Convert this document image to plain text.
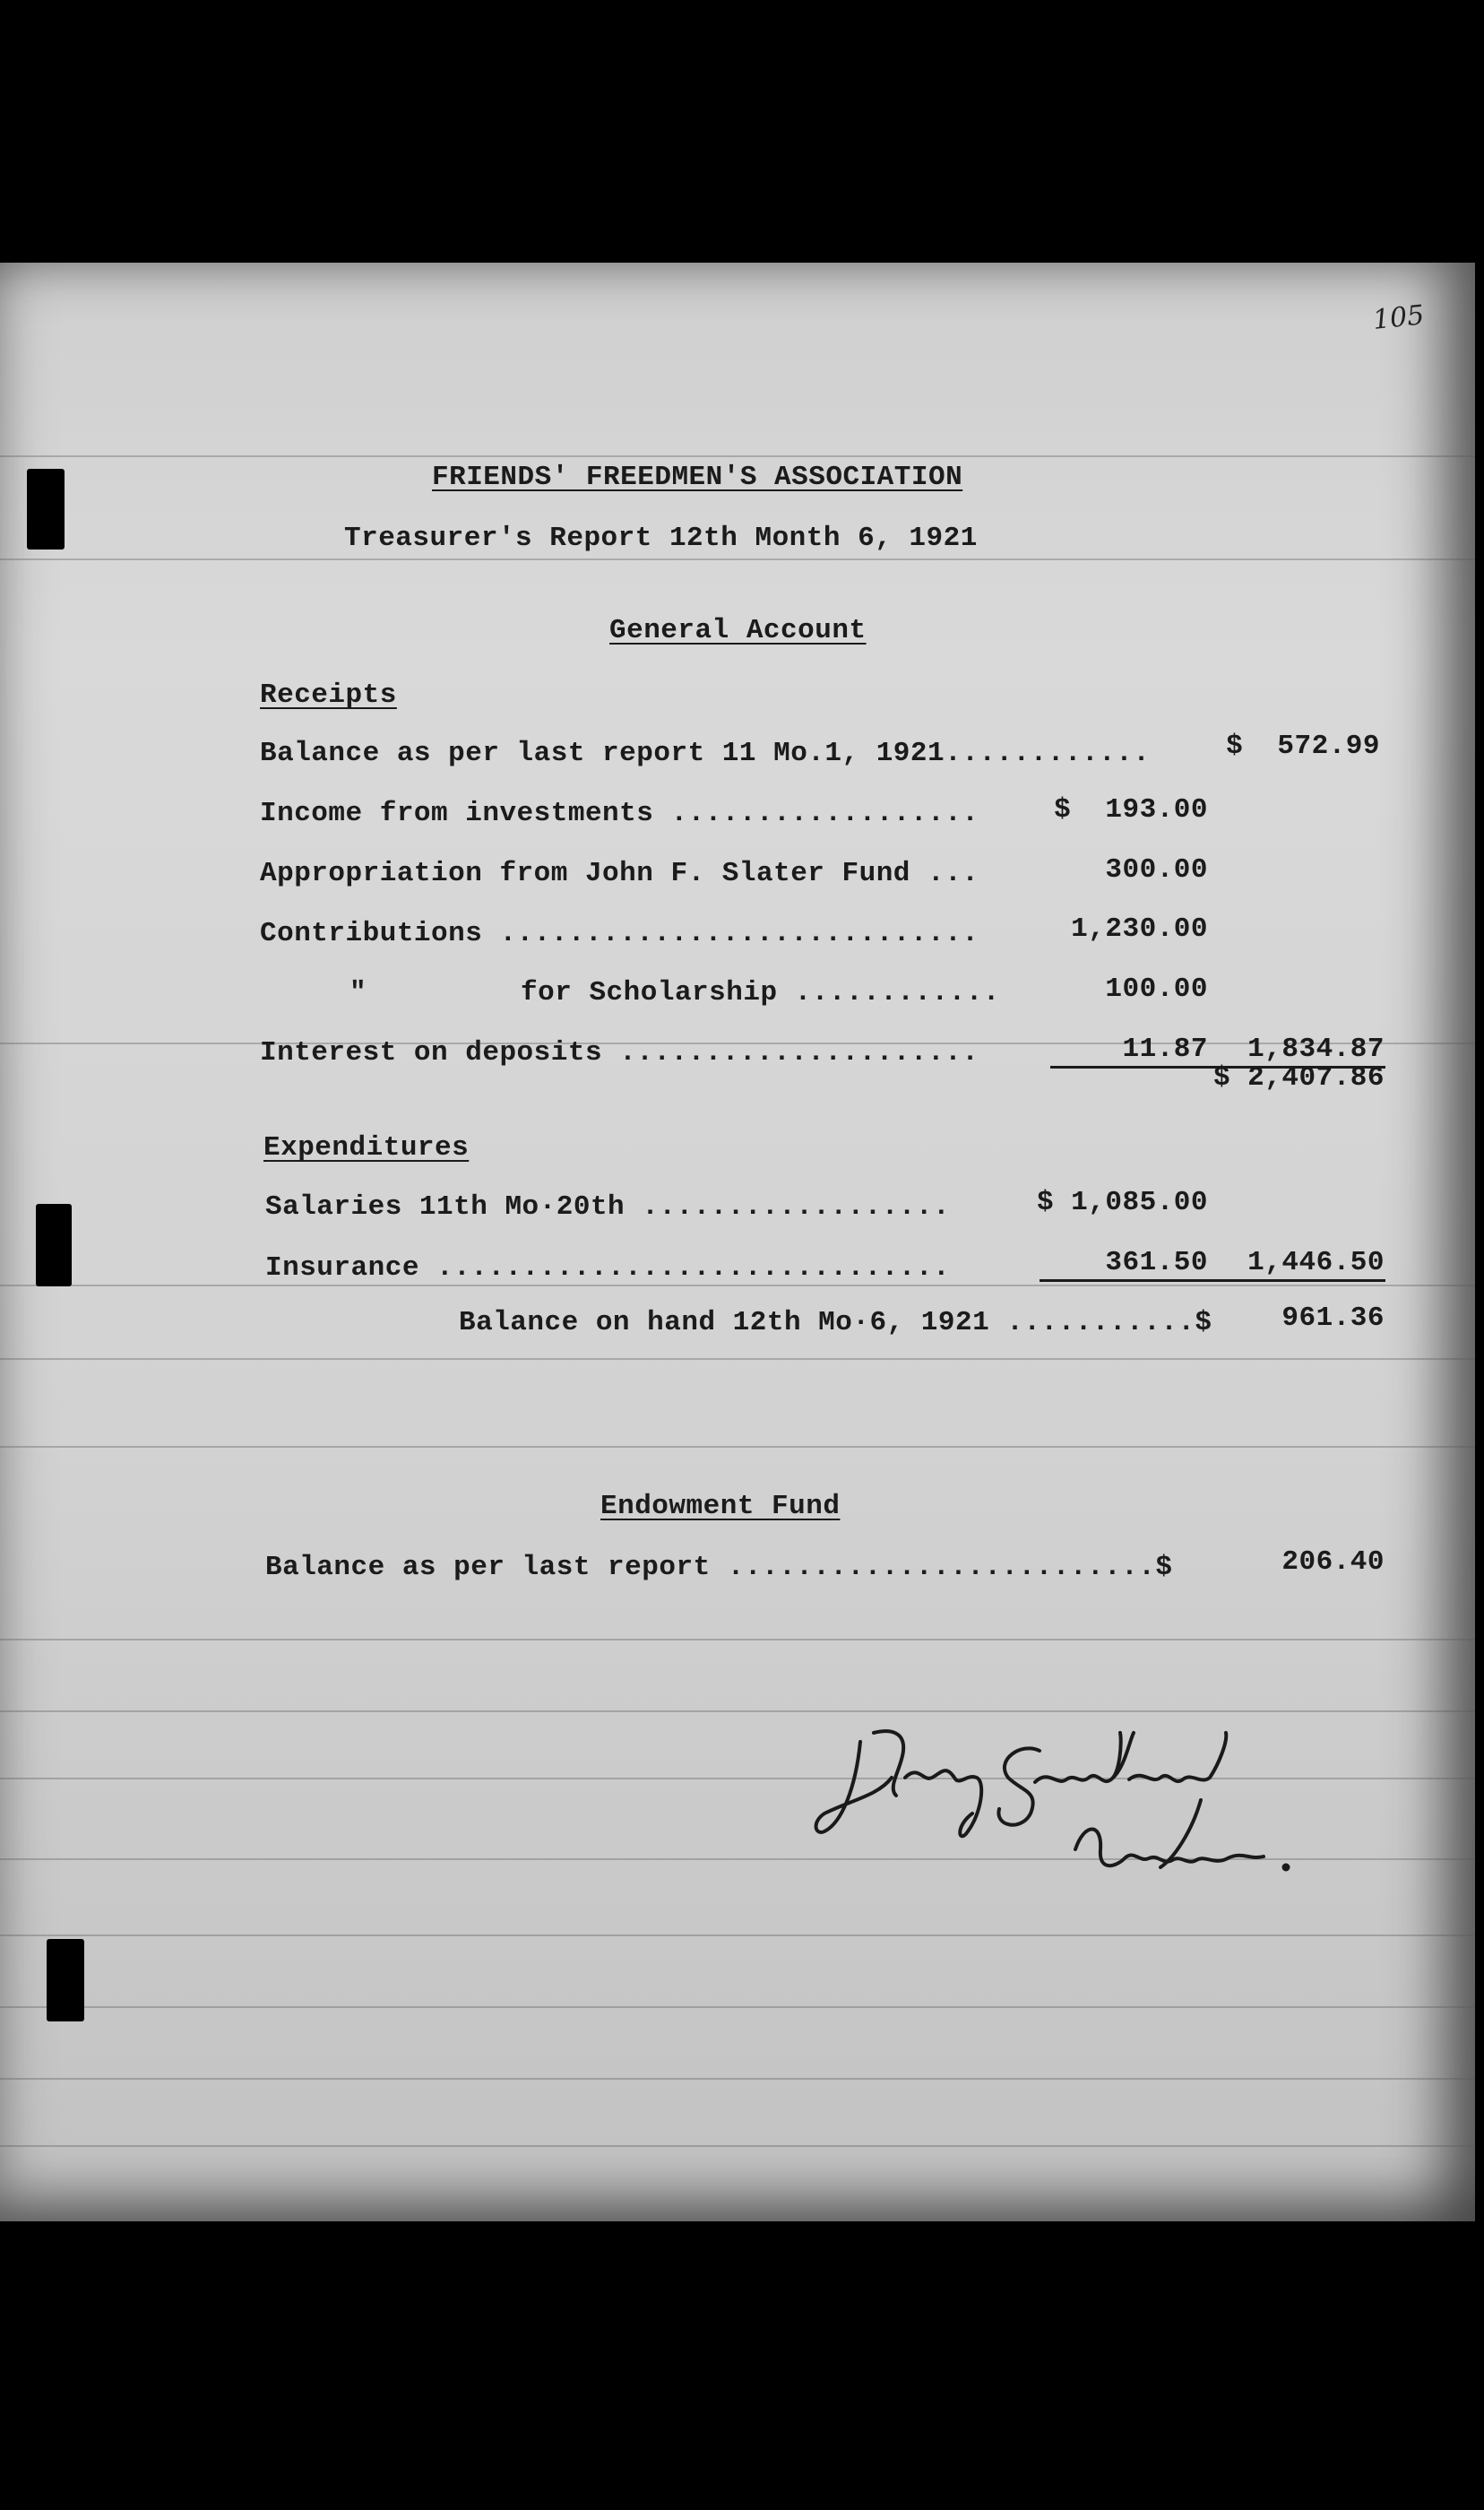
105
FRIENDS' FREEDMEN'S ASSOCIATION
Treasurer's Report 12th Month 6, 1921
General Account
Receipts
Balance as per last report 11 Mo.1, 1921............	$  572.99
Income from investments ..................	$  193.00
Appropriation from John F. Slater Fund ...	300.00
Contributions ............................	1,230.00
"         for Scholarship ............	100.00
Interest on deposits .....................	11.87	1,834.87
$ 2,407.86
Expenditures
Salaries 11th Mo·20th ..................	$ 1,085.00
Insurance ..............................	361.50	1,446.50
Balance on hand 12th Mo·6, 1921 ...........$	961.36
Endowment Fund
Balance as per last report .........................$	206.40
